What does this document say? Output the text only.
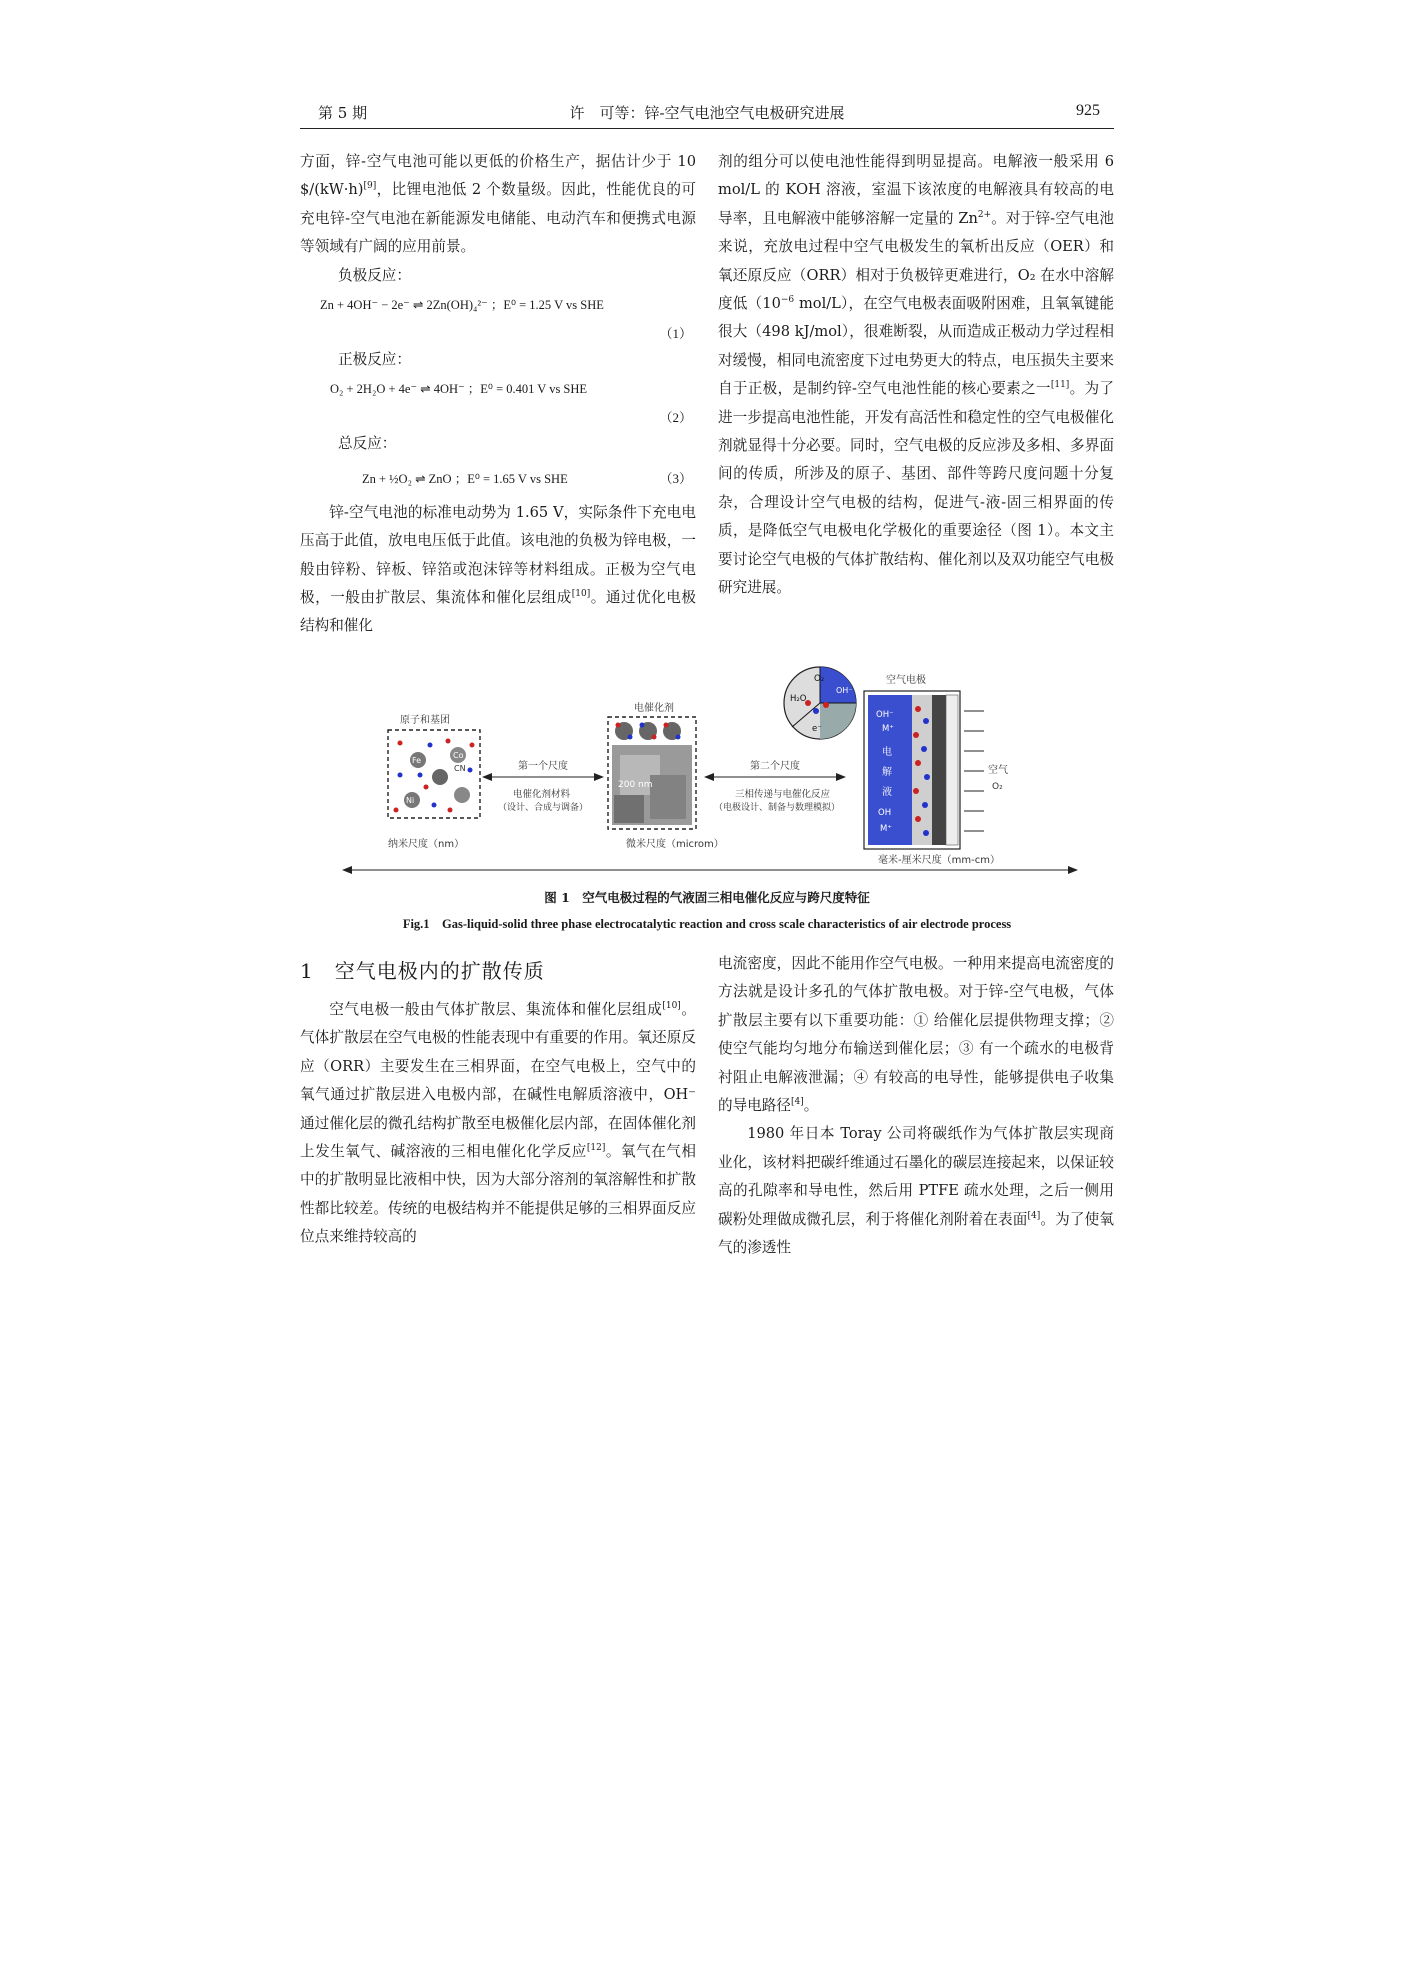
第 5 期	许　可等：锌-空气电池空气电极研究进展	925

方面，锌-空气电池可能以更低的价格生产，据估计少于 10 $/(kW·h)[9]，比锂电池低 2 个数量级。因此，性能优良的可充电锌-空气电池在新能源发电储能、电动汽车和便携式电源等领域有广阔的应用前景。

负极反应：
Zn + 4OH⁻ − 2e⁻ ⇌ 2Zn(OH)₄²⁻ ；E⁰ = 1.25 V vs SHE
（1）
正极反应：
O₂ + 2H₂O + 4e⁻ ⇌ 4OH⁻ ；E⁰ = 0.401 V vs SHE
（2）
总反应：
Zn + ½O₂ ⇌ ZnO ；E⁰ = 1.65 V vs SHE	（3）

锌-空气电池的标准电动势为 1.65 V，实际条件下充电电压高于此值，放电电压低于此值。该电池的负极为锌电极，一般由锌粉、锌板、锌箔或泡沫锌等材料组成。正极为空气电极，一般由扩散层、集流体和催化层组成[10]。通过优化电极结构和催化

剂的组分可以使电池性能得到明显提高。电解液一般采用 6 mol/L 的 KOH 溶液，室温下该浓度的电解液具有较高的电导率，且电解液中能够溶解一定量的 $Zn^{2+}$。对于锌-空气电池来说，充放电过程中空气电极发生的氧析出反应（OER）和氧还原反应（ORR）相对于负极锌更难进行，O₂ 在水中溶解度低（$10^{-6}$ mol/L），在空气电极表面吸附困难，且氧氧键能很大（498 kJ/mol），很难断裂，从而造成正极动力学过程相对缓慢，相同电流密度下过电势更大的特点，电压损失主要来自于正极，是制约锌-空气电池性能的核心要素之一[11]。为了进一步提高电池性能，开发有高活性和稳定性的空气电极催化剂就显得十分必要。同时，空气电极的反应涉及多相、多界面间的传质，所涉及的原子、基团、部件等跨尺度问题十分复杂，合理设计空气电极的结构，促进气-液-固三相界面的传质，是降低空气电极电化学极化的重要途径（图 1）。本文主要讨论空气电极的气体扩散结构、催化剂以及双功能空气电极研究进展。

原子和基团
Fe
Co
CN
Ni
纳米尺度（nm）
第一个尺度
电催化剂材料
（设计、合成与调备）
电催化剂
200 nm
微米尺度（microm）
第二个尺度
三相传递与电催化反应
（电极设计、制备与数理模拟）
O₂
H₂O
OH⁻
e⁻
空气电极
OH⁻
M⁺
电
解
液
OH
M⁺
空气
O₂
毫米-厘米尺度（mm-cm）
图 1　空气电极过程的气液固三相电催化反应与跨尺度特征
Fig.1　Gas-liquid-solid three phase electrocatalytic reaction and cross scale characteristics of air electrode process
1　空气电极内的扩散传质

空气电极一般由气体扩散层、集流体和催化层组成[10]。气体扩散层在空气电极的性能表现中有重要的作用。氧还原反应（ORR）主要发生在三相界面，在空气电极上，空气中的氧气通过扩散层进入电极内部，在碱性电解质溶液中，OH⁻通过催化层的微孔结构扩散至电极催化层内部，在固体催化剂上发生氧气、碱溶液的三相电催化化学反应[12]。氧气在气相中的扩散明显比液相中快，因为大部分溶剂的氧溶解性和扩散性都比较差。传统的电极结构并不能提供足够的三相界面反应位点来维持较高的

电流密度，因此不能用作空气电极。一种用来提高电流密度的方法就是设计多孔的气体扩散电极。对于锌-空气电极，气体扩散层主要有以下重要功能：① 给催化层提供物理支撑；② 使空气能均匀地分布输送到催化层；③ 有一个疏水的电极背衬阻止电解液泄漏；④ 有较高的电导性，能够提供电子收集的导电路径[4]。

1980 年日本 Toray 公司将碳纸作为气体扩散层实现商业化，该材料把碳纤维通过石墨化的碳层连接起来，以保证较高的孔隙率和导电性，然后用 PTFE 疏水处理，之后一侧用碳粉处理做成微孔层，利于将催化剂附着在表面[4]。为了使氧气的渗透性
